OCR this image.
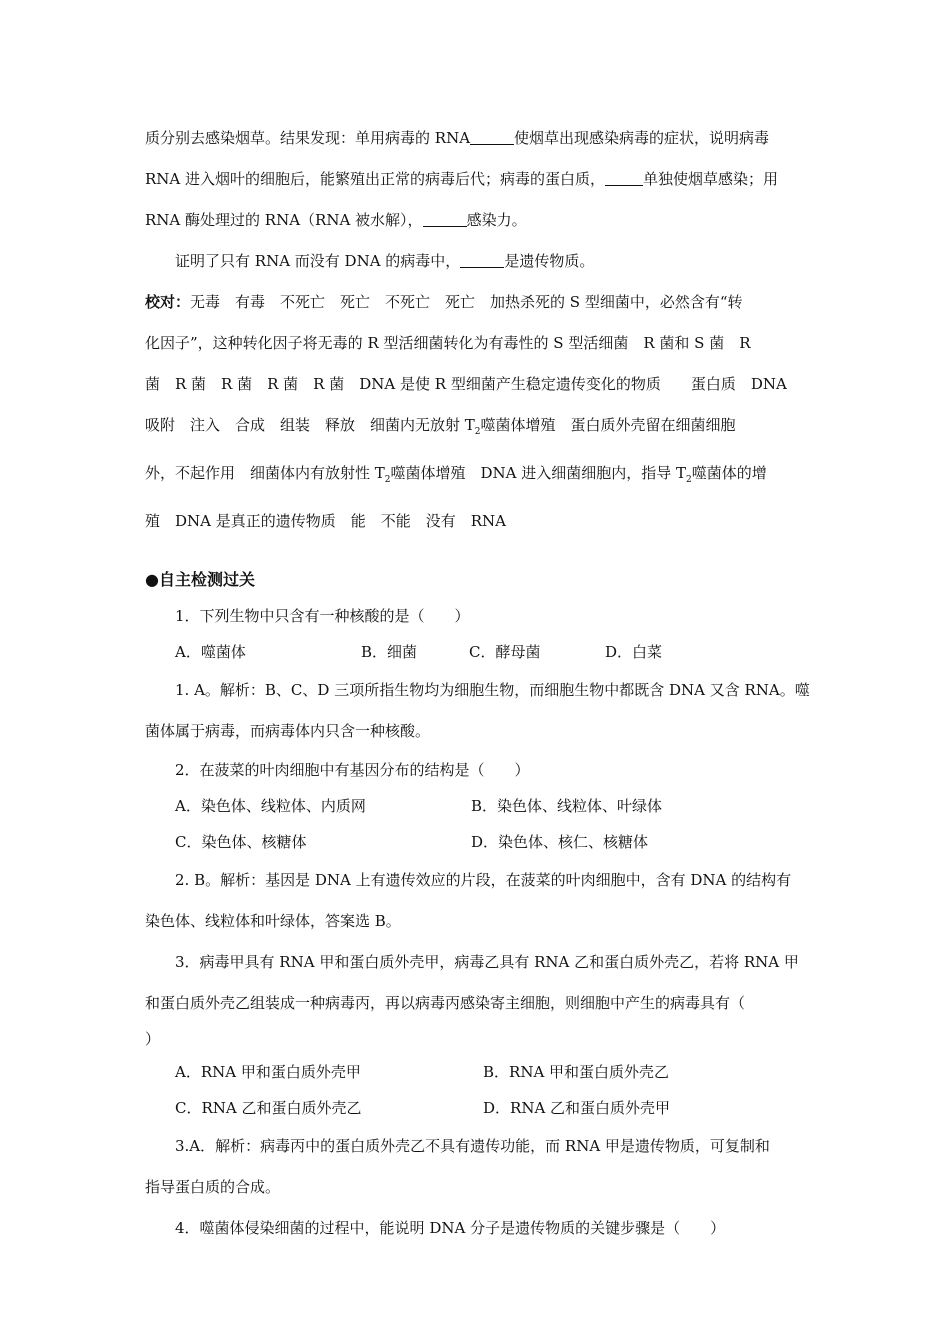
质分别去感染烟草。结果发现：单用病毒的 RNA	使烟草出现感染病毒的症状，说明病毒

RNA 进入烟叶的细胞后，能繁殖出正常的病毒后代；病毒的蛋白质，	单独使烟草感染；用

RNA 酶处理过的 RNA（RNA 被水解），	感染力。

证明了只有 RNA 而没有 DNA 的病毒中，	是遗传物质。

校对：无毒　有毒　不死亡　死亡　不死亡　死亡　加热杀死的 S 型细菌中，必然含有“转

化因子”，这种转化因子将无毒的 R 型活细菌转化为有毒性的 S 型活细菌　R 菌和 S 菌　R

菌　R 菌　R 菌　R 菌　R 菌　DNA 是使 R 型细菌产生稳定遗传变化的物质　　蛋白质　DNA

吸附　注入　合成　组装　释放　细菌内无放射 $T_2$噬菌体增殖　蛋白质外壳留在细菌细胞

外，不起作用　细菌体内有放射性 $T_2$噬菌体增殖　DNA 进入细菌细胞内，指导 $T_2$噬菌体的增

殖　DNA 是真正的遗传物质　能　不能　没有　RNA

●自主检测过关

1．下列生物中只含有一种核酸的是（　　）

A．噬菌体	B．细菌	C．酵母菌	D．白菜

1. A。解析：B、C、D 三项所指生物均为细胞生物，而细胞生物中都既含 DNA 又含 RNA。噬

菌体属于病毒，而病毒体内只含一种核酸。

2．在菠菜的叶肉细胞中有基因分布的结构是（　　）

A．染色体、线粒体、内质网	B．染色体、线粒体、叶绿体
C．染色体、核糖体	D．染色体、核仁、核糖体

2. B。解析：基因是 DNA 上有遗传效应的片段，在菠菜的叶肉细胞中，含有 DNA 的结构有

染色体、线粒体和叶绿体，答案选 B。

3．病毒甲具有 RNA 甲和蛋白质外壳甲，病毒乙具有 RNA 乙和蛋白质外壳乙，若将 RNA 甲

和蛋白质外壳乙组装成一种病毒丙，再以病毒丙感染寄主细胞，则细胞中产生的病毒具有（

）

A．RNA 甲和蛋白质外壳甲	B．RNA 甲和蛋白质外壳乙
C．RNA 乙和蛋白质外壳乙	D．RNA 乙和蛋白质外壳甲

3.A．解析：病毒丙中的蛋白质外壳乙不具有遗传功能，而 RNA 甲是遗传物质，可复制和

指导蛋白质的合成。

4．噬菌体侵染细菌的过程中，能说明 DNA 分子是遗传物质的关键步骤是（　　）
